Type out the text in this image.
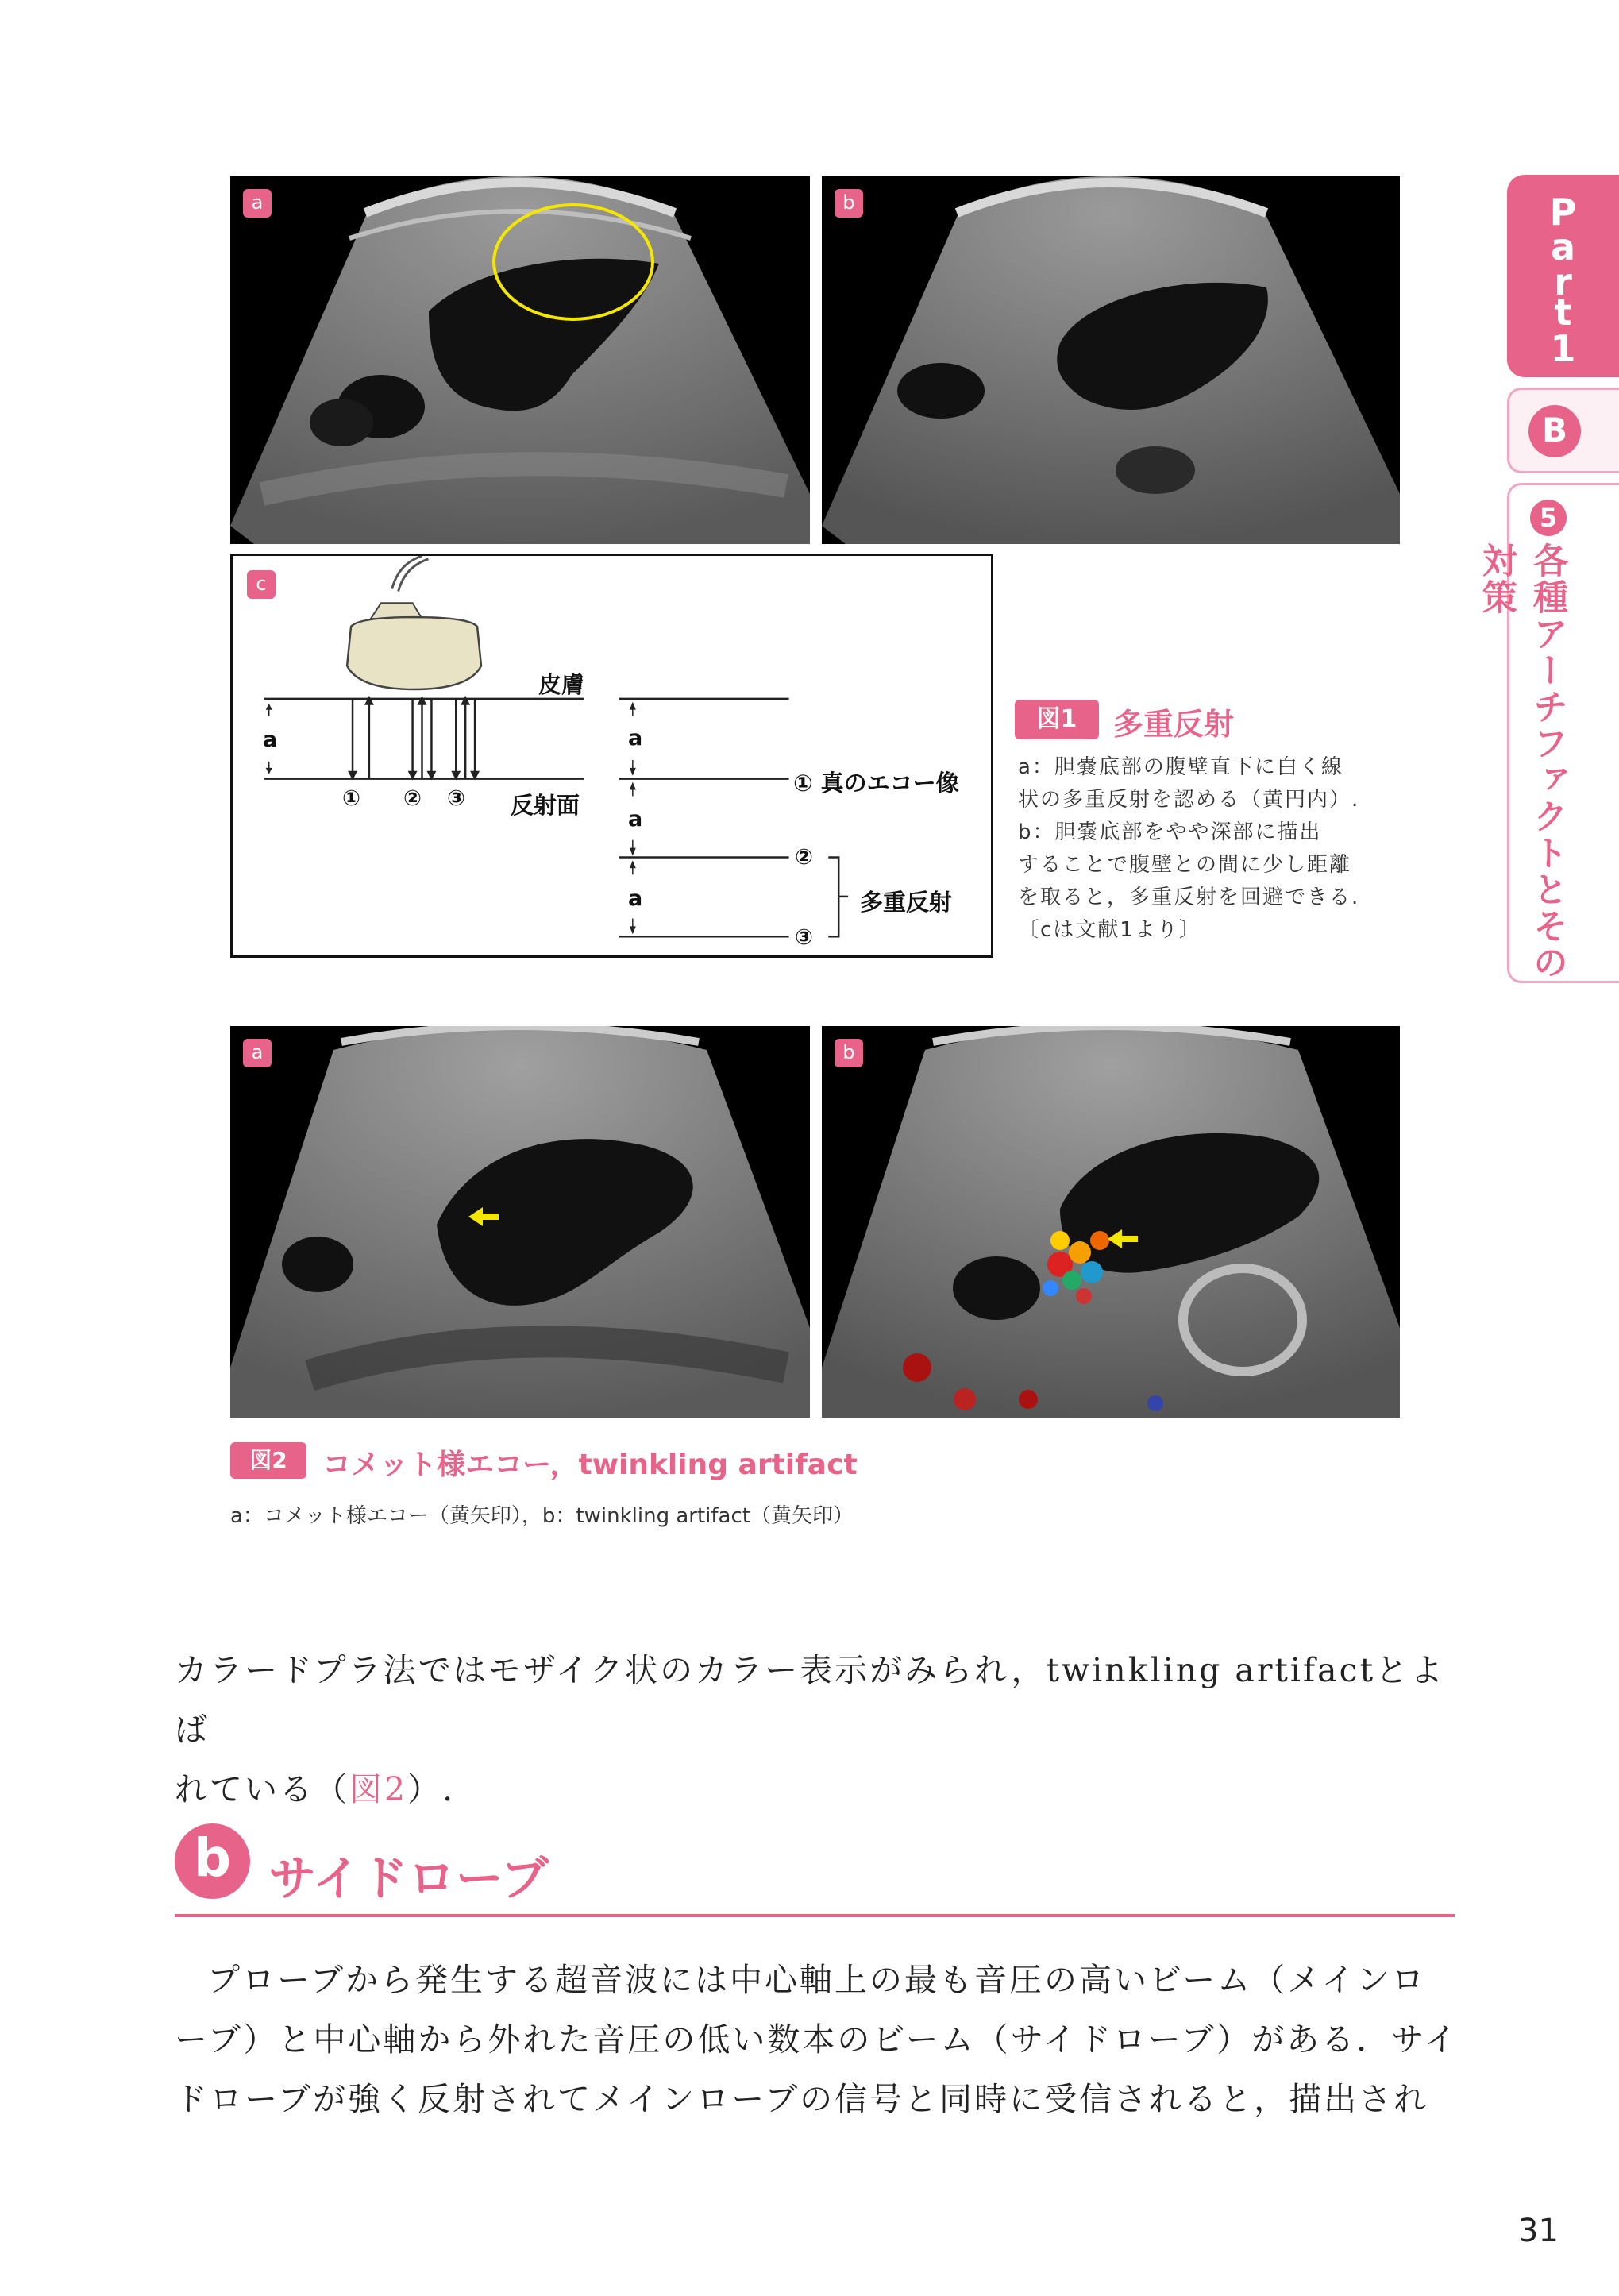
a	b
c
皮膚
反射面
a
① ② ③
a
a
a
① 真のエコー像
②
③
多重反射
図1	多重反射
a：胆嚢底部の腹壁直下に白く線
状の多重反射を認める（黄円内）.
b：胆嚢底部をやや深部に描出
することで腹壁との間に少し距離
を取ると，多重反射を回避できる.
〔cは文献1より〕
a	b
図2	コメット様エコー，twinkling artifact
a：コメット様エコー（黄矢印），b：twinkling artifact（黄矢印）
カラードプラ法ではモザイク状のカラー表示がみられ，twinkling artifactとよば
れている（図2）.
b サイドローブ
プローブから発生する超音波には中心軸上の最も音圧の高いビーム（メインロ
ーブ）と中心軸から外れた音圧の低い数本のビーム（サイドローブ）がある．サイ
ドローブが強く反射されてメインローブの信号と同時に受信されると，描出され
P
a
r
t
1
B
5
各種アーチファクトとその対策
31
